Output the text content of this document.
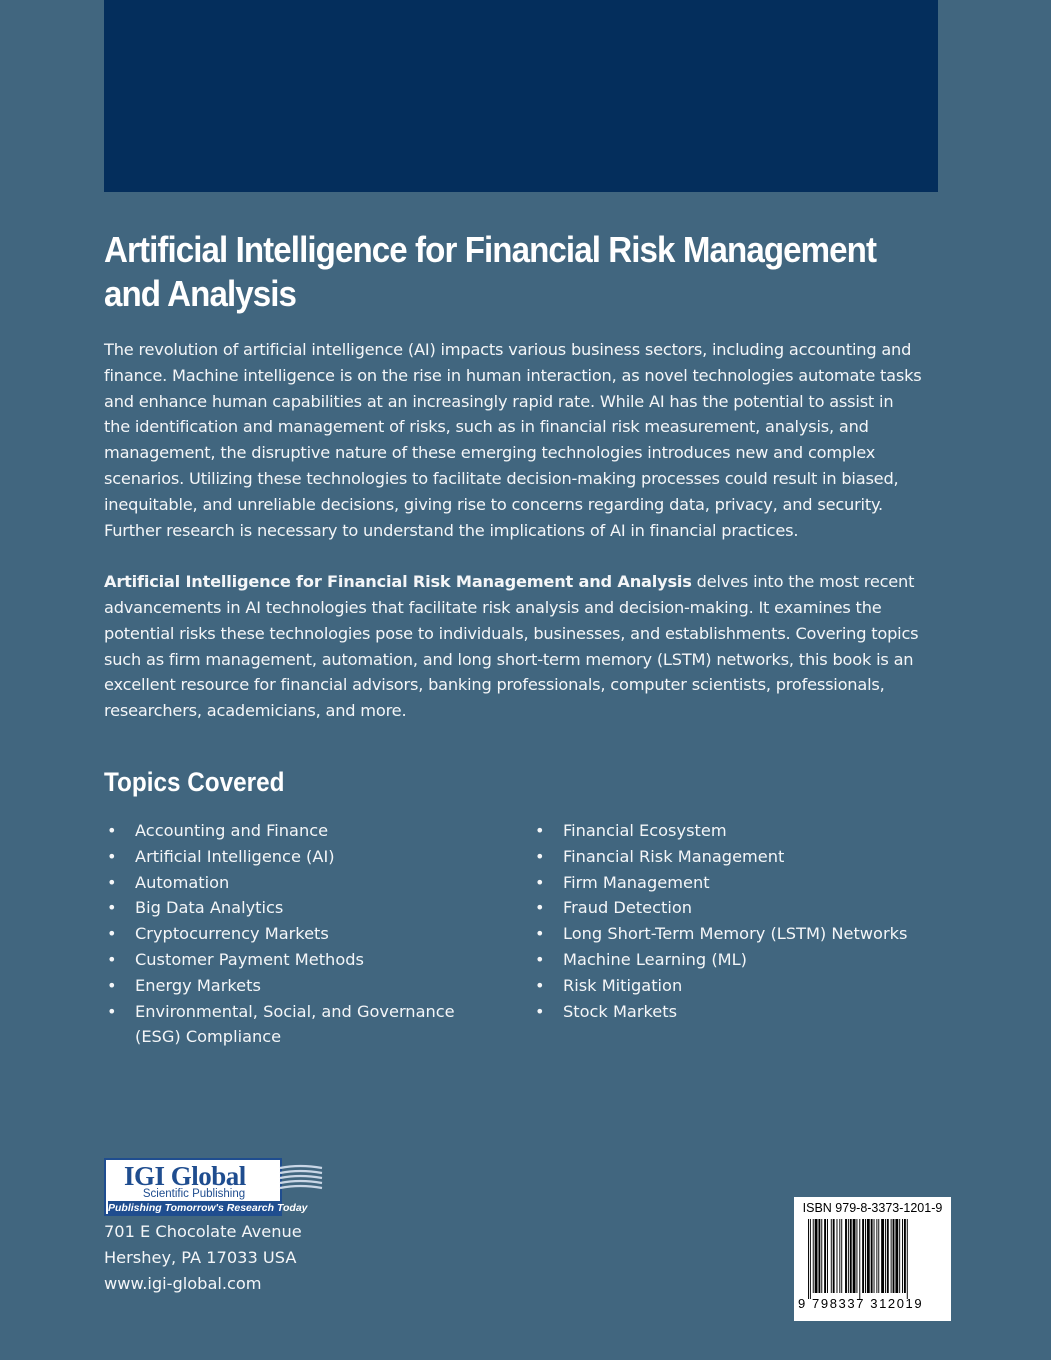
Artificial Intelligence for Financial Risk Management and Analysis

The revolution of artificial intelligence (AI) impacts various business sectors, including accounting and finance. Machine intelligence is on the rise in human interaction, as novel technologies automate tasks and enhance human capabilities at an increasingly rapid rate. While AI has the potential to assist in the identification and management of risks, such as in financial risk measurement, analysis, and management, the disruptive nature of these emerging technologies introduces new and complex scenarios. Utilizing these technologies to facilitate decision-making processes could result in biased, inequitable, and unreliable decisions, giving rise to concerns regarding data, privacy, and security. Further research is necessary to understand the implications of AI in financial practices.

Artificial Intelligence for Financial Risk Management and Analysis delves into the most recent advancements in AI technologies that facilitate risk analysis and decision-making. It examines the potential risks these technologies pose to individuals, businesses, and establishments. Covering topics such as firm management, automation, and long short-term memory (LSTM) networks, this book is an excellent resource for financial advisors, banking professionals, computer scientists, professionals, researchers, academicians, and more.

Topics Covered
• Accounting and Finance
• Artificial Intelligence (AI)
• Automation
• Big Data Analytics
• Cryptocurrency Markets
• Customer Payment Methods
• Energy Markets
• Environmental, Social, and Governance (ESG) Compliance
• Financial Ecosystem
• Financial Risk Management
• Firm Management
• Fraud Detection
• Long Short-Term Memory (LSTM) Networks
• Machine Learning (ML)
• Risk Mitigation
• Stock Markets
IGI Global
Scientific Publishing
Publishing Tomorrow's Research Today
701 E Chocolate Avenue
Hershey, PA 17033 USA
www.igi-global.com
ISBN 979-8-3373-1201-9
9 798337 312019
